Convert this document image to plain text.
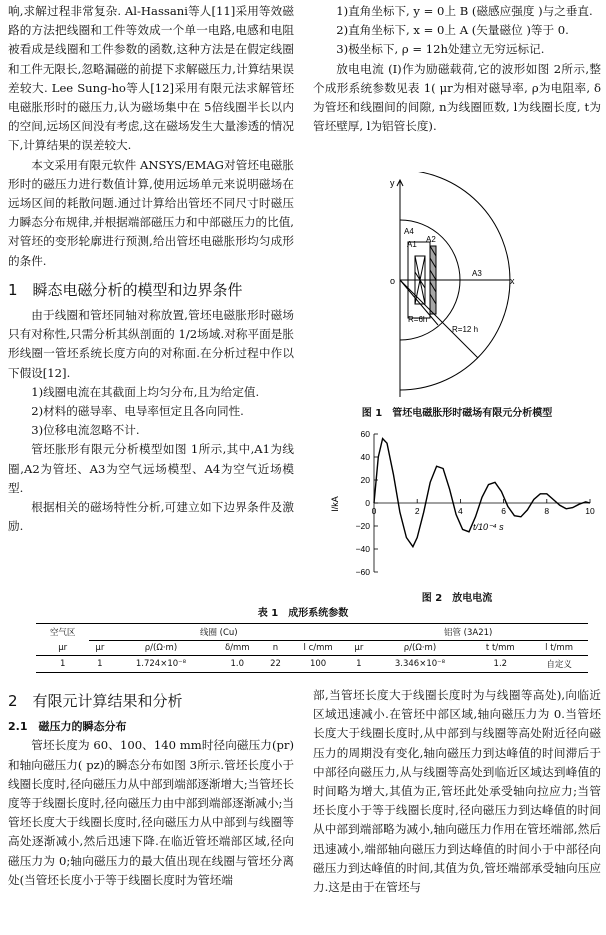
响,求解过程非常复杂. Al-Hassani等人[11]采用等效磁路的方法把线圈和工件等效成一个单一电路,电感和电阻被看成是线圈和工件参数的函数,这种方法是在假定线圈和工件无限长,忽略漏磁的前提下求解磁压力,计算结果误差较大. Lee Sung-ho等人[12]采用有限元法求解管坯电磁胀形时的磁压力,认为磁场集中在 5倍线圈半长以内的空间,远场区间没有考虑,这在磁场发生大量渗透的情况下,计算结果的误差较大.

本文采用有限元软件 ANSYS/EMAG对管坯电磁胀形时的磁压力进行数值计算,使用远场单元来说明磁场在远场区间的耗散问题.通过计算给出管坯不同尺寸时磁压力瞬态分布规律,并根据端部磁压力和中部磁压力的比值,对管坯的变形轮廓进行预测,给出管坯电磁胀形均匀成形的条件.

1　瞬态电磁分析的模型和边界条件

由于线圈和管坯同轴对称放置,管坯电磁胀形时磁场只有对称性,只需分析其纵剖面的 1/2场域.对称平面是胀形线圈一管坯系统长度方向的对称面.在分析过程中作以下假设[12].

1)线圈电流在其截面上均匀分布,且为给定值.

2)材料的磁导率、电导率恒定且各向同性.

3)位移电流忽略不计.

管坯胀形有限元分析模型如图 1所示,其中,A1为线圈,A2为管坯、A3为空气远场模型、A4为空气近场模型.

根据相关的磁场特性分析,可建立如下边界条件及激励.

1)直角坐标下, y = 0上 B (磁感应强度 )与之垂直.

2)直角坐标下, x = 0上 A (矢量磁位 )等于 0.

3)极坐标下, ρ = 12h处建立无穷远标记.

放电电流 (I)作为励磁载荷,它的波形如图 2所示,整个成形系统参数见表 1( μr为相对磁导率, ρ为电阻率, δ为管坯和线圈间的间隙, n为线圈匝数, l为线圈长度, t为管坯壁厚, l为铝管长度).

y
x
o
A4
A1
A2
A3
R=6h
R=12 h
图 1　管坯电磁胀形时磁场有限元分析模型
60
40
20
0
−20
−40
−60
0	2	4	6	8	10
I/kA
t/10⁻⁴ s
图 2　放电电流
表 1　成形系统参数
空气区	线圈 (Cu)					铝管 (3A21)			
μr	μr	ρ/(Ω·m)	δ/mm	n	l c/mm	μr	ρ/(Ω·m)	t t/mm	l t/mm
1	1	1.724×10⁻⁸	1.0	22	100	1	3.346×10⁻⁸	1.2	自定义
2　有限元计算结果和分析
2.1　磁压力的瞬态分布

管坯长度为 60、100、140 mm时径向磁压力(pr)和轴向磁压力( pz)的瞬态分布如图 3所示.管坯长度小于线圈长度时,径向磁压力从中部到端部逐渐增大;当管坯长度等于线圈长度时,径向磁压力由中部到端部逐渐减小;当管坯长度大于线圈长度时,径向磁压力从中部到与线圈等高处逐渐减小,然后迅速下降.在临近管坯端部区域,径向磁压力为 0;轴向磁压力的最大值出现在线圈与管坯分离处(当管坯长度小于等于线圈长度时为管坯端

部,当管坯长度大于线圈长度时为与线圈等高处),向临近区域迅速减小.在管坯中部区域,轴向磁压力为 0.当管坯长度大于线圈长度时,从中部到与线圈等高处附近径向磁压力的周期没有变化,轴向磁压力到达峰值的时间滞后于中部径向磁压力,从与线圈等高处到临近区域达到峰值的时间略为增大,其值为正,管坯此处承受轴向拉应力;当管坯长度小于等于线圈长度时,径向磁压力到达峰值的时间从中部到端部略为减小,轴向磁压力作用在管坯端部,然后迅速减小,端部轴向磁压力到达峰值的时间小于中部径向磁压力到达峰值的时间,其值为负,管坯端部承受轴向压应力.这是由于在管坯与
